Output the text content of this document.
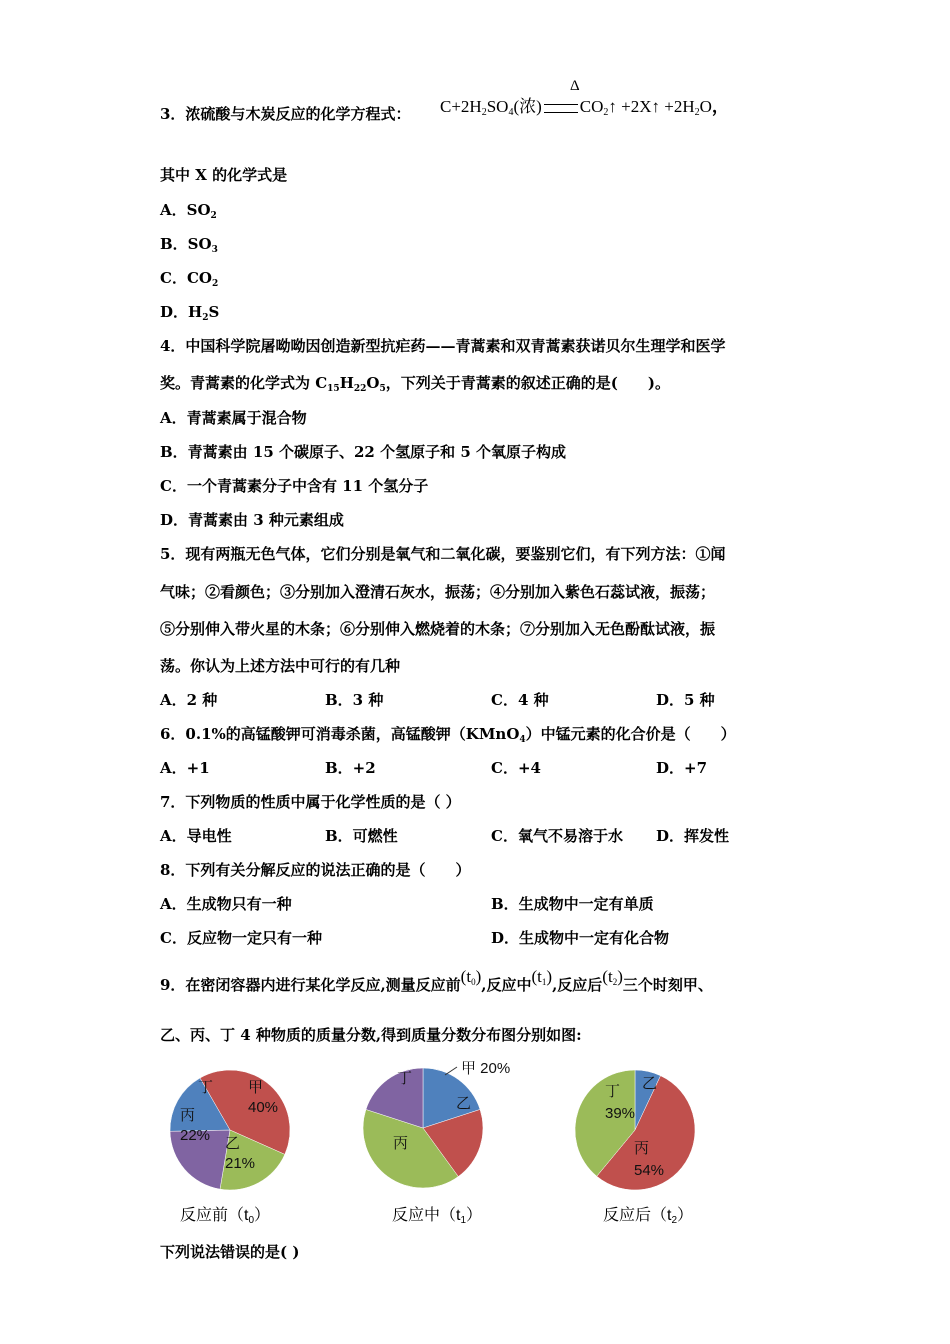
3．浓硫酸与木炭反应的化学方程式：
Δ
$C+2H_2SO_4$(浓) $CO_2↑$ +2X↑ $+2H_2O$，
其中 X 的化学式是
A．$SO_2$
B．$SO_3$
C．$CO_2$
D．$H_2S$
4．中国科学院屠呦呦因创造新型抗疟药——青蒿素和双青蒿素获诺贝尔生理学和医学
奖。青蒿素的化学式为 $C_{15}H_{22}O_5$，下列关于青蒿素的叙述正确的是(　　)。
A．青蒿素属于混合物
B．青蒿素由 15 个碳原子、22 个氢原子和 5 个氧原子构成
C．一个青蒿素分子中含有 11 个氢分子
D．青蒿素由 3 种元素组成
5．现有两瓶无色气体，它们分别是氧气和二氧化碳，要鉴别它们，有下列方法：①闻
气味；②看颜色；③分别加入澄清石灰水，振荡；④分别加入紫色石蕊试液，振荡；
⑤分别伸入带火星的木条；⑥分别伸入燃烧着的木条；⑦分别加入无色酚酞试液，振
荡。你认为上述方法中可行的有几种
A．2 种	B．3 种	C．4 种	D．5 种
6．0.1%的高锰酸钾可消毒杀菌，高锰酸钾（KMnO$_4$）中锰元素的化合价是（　　）
A．+1	B．+2	C．+4	D．+7
7．下列物质的性质中属于化学性质的是（ ）
A．导电性	B．可燃性	C．氧气不易溶于水 D．挥发性
8．下列有关分解反应的说法正确的是（　　）
A．生成物只有一种	B．生成物中一定有单质
C．反应物一定只有一种	D．生成物中一定有化合物
9．在密闭容器内进行某化学反应,测量反应前$(t_0)$,反应中$(t_1)$,反应后$(t_2)$三个时刻甲、
乙、丙、丁 4 种物质的质量分数,得到质量分数分布图分别如图:
甲
40%
乙
21%
丙
22%
丁
乙
丙
丁
甲 20%
乙
丙
54%
丁
39%
反应前$(t_0)$	反应中$(t_1)$	反应后$(t_2)$
下列说法错误的是( )
